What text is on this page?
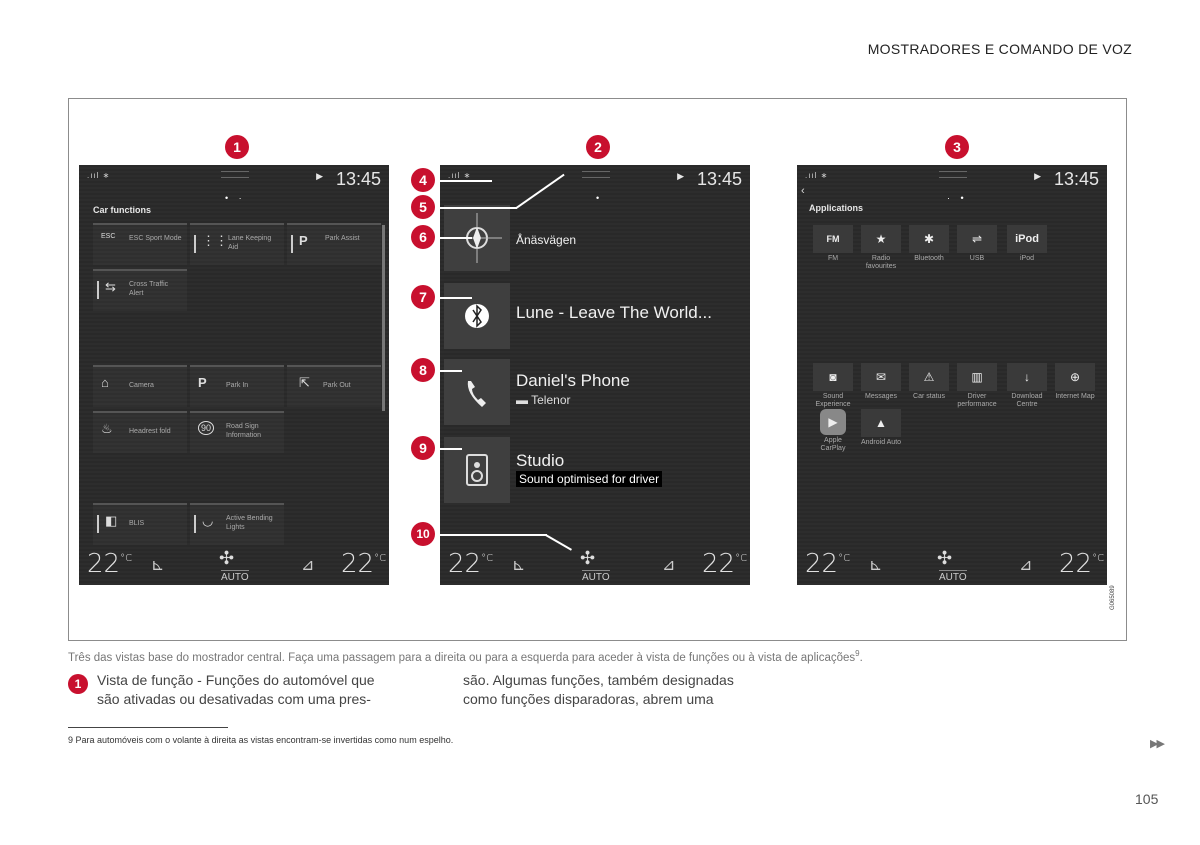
MOSTRADORES E COMANDO DE VOZ
G065089
.ııl ∗	▶ 13:45
• ·
Car functions
ESC ESC Sport Mode ⋮⋮ Lane Keeping Aid	P Park Assist
⇆ Cross Traffic Alert
⌂	Camera	P	Park In	⇱ Park Out
♨ Headrest fold	90	Road Sign Information
◧ BLIS	◡ Active Bending Lights
$22^{^\circ C}$ ⊾	✣
AUTO
⊿ $22^{^\circ C}$
.ııl ∗	▶ 13:45
•
Ånäsvägen
Lune - Leave The World...
Daniel's Phone
▬ Telenor
Studio
Sound optimised for driver
$22^{^\circ C}$ ⊾	✣
AUTO
⊿ $22^{^\circ C}$
.ııl ∗	▶ 13:45
‹
· •
Applications
FM
FM
★
Radio favourites
✱
Bluetooth
⇌
USB
iPod
iPod
◙
Sound Experience
✉
Messages
⚠
Car status
▥
Driver performance
↓
Download Centre
⊕
Internet Map
▶
Apple CarPlay
▲
Android Auto
$22^{^\circ C}$ ⊾	✣
AUTO
⊿ $22^{^\circ C}$
1	2	3
4
5
6
7
8
9
10
Três das vistas base do mostrador central. Faça uma passagem para a direita ou para a esquerda para aceder à vista de funções ou à vista de aplicações$^9$.
1	Vista de função - Funções do automóvel que
são ativadas ou desativadas com uma pres-
são. Algumas funções, também designadas
como funções disparadoras, abrem uma
9 Para automóveis com o volante à direita as vistas encontram-se invertidas como num espelho.	▶▶
105
